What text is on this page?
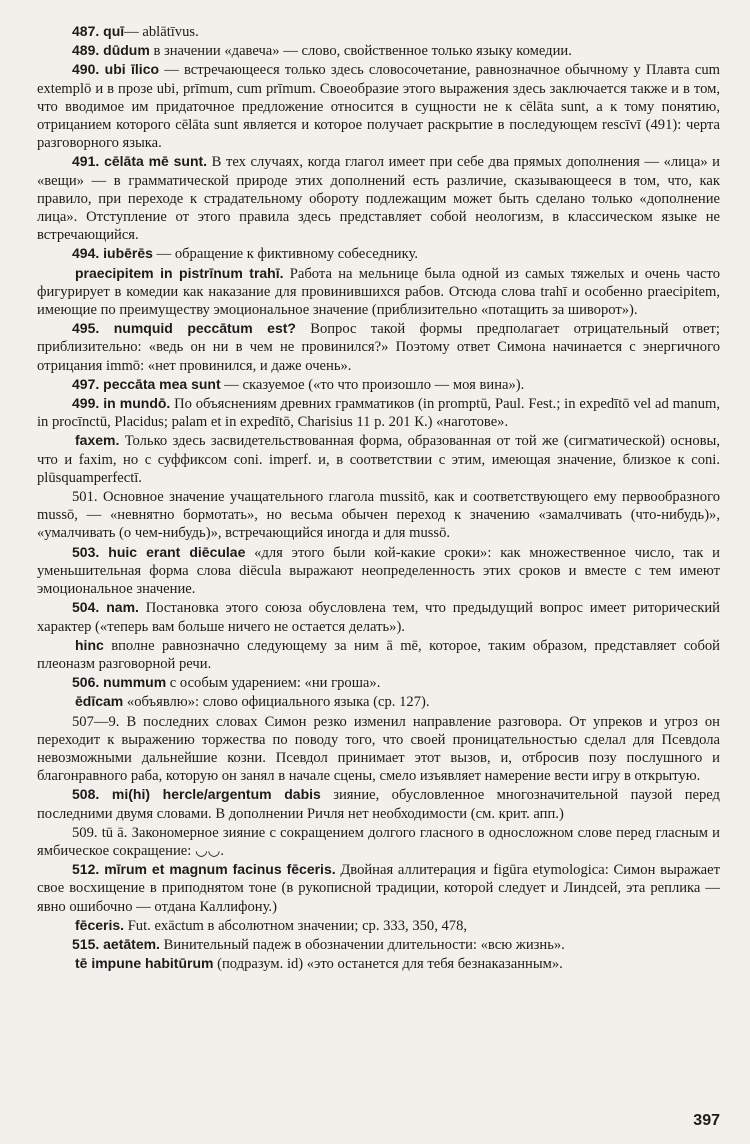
487. quī— ablātīvus.

489. dūdum в значении «давеча» — слово, свойственное только языку комедии.

490. ubi īlico — встречающееся только здесь словосочетание, равнозначное обычному у Плавта cum extemplō и в прозе ubi, prīmum, cum prīmum. Своеобразие этого выражения здесь заключается также и в том, что вводимое им придаточное предложение относится в сущности не к cēlāta sunt, а к тому понятию, отрицанием которого cēlāta sunt является и которое получает раскрытие в последующем rescīvī (491): черта разговорного языка.

491. cēlāta mē sunt. В тех случаях, когда глагол имеет при себе два прямых дополнения — «лица» и «вещи» — в грамматической природе этих дополнений есть различие, сказывающееся в том, что, как правило, при переходе к страдательному обороту подлежащим может быть сделано только «дополнение лица». Отступление от этого правила здесь представляет собой неологизм, в классическом языке не встречающийся.

494. iubērēs — обращение к фиктивному собеседнику.

praecipitem in pistrīnum trahī. Работа на мельнице была одной из самых тяжелых и очень часто фигурирует в комедии как наказание для провинившихся рабов. Отсюда слова trahī и особенно praecipitem, имеющие по преимуществу эмоциональное значение (приблизительно «потащить за шиворот»).

495. numquid peccātum est? Вопрос такой формы предполагает отрицательный ответ; приблизительно: «ведь он ни в чем не провинился?» Поэтому ответ Симона начинается с энергичного отрицания immō: «нет провинился, и даже очень».

497. peccāta mea sunt — сказуемое («то что произошло — моя вина»).

499. in mundō. По объяснениям древних грамматиков (in promptū, Paul. Fest.; in expedītō vel ad manum, in procīnctū, Placidus; palam et in expedītō, Charisius 11 p. 201 К.) «наготове».

faxem. Только здесь засвидетельствованная форма, образованная от той же (сигматической) основы, что и faxim, но с суффиксом coni. imperf. и, в соответствии с этим, имеющая значение, близкое к coni. plūsquamperfectī.

501. Основное значение учащательного глагола mussitō, как и соответствующего ему первообразного mussō, — «невнятно бормотать», но весьма обычен переход к значению «замалчивать (что-нибудь)», «умалчивать (о чем-нибудь)», встречающийся иногда и для mussō.

503. huic erant diēculae «для этого были кой-какие сроки»: как множественное число, так и уменьшительная форма слова diēcula выражают неопределенность этих сроков и вместе с тем имеют эмоциональное значение.

504. nam. Постановка этого союза обусловлена тем, что предыдущий вопрос имеет риторический характер («теперь вам больше ничего не остается делать»).

hinc вполне равнозначно следующему за ним ā mē, которое, таким образом, представляет собой плеоназм разговорной речи.

506. nummum с особым ударением: «ни гроша».

ēdīcam «объявлю»: слово официального языка (ср. 127).

507—9. В последних словах Симон резко изменил направление разговора. От упреков и угроз он переходит к выражению торжества по поводу того, что своей проницательностью сделал для Псевдола невозможными дальнейшие козни. Псевдол принимает этот вызов, и, отбросив позу послушного и благонравного раба, которую он занял в начале сцены, смело изъявляет намерение вести игру в открытую.

508. mi(hi) hercle/argentum dabis зияние, обусловленное многозначительной паузой перед последними двумя словами. В дополнении Ричля нет необходимости (см. крит. апп.)

509. tū ā. Закономерное зияние с сокращением долгого гласного в односложном слове перед гласным и ямбическое сокращение: ◡◡.

512. mīrum et magnum facinus fēceris. Двойная аллитерация и figūra etymologica: Симон выражает свое восхищение в приподнятом тоне (в рукописной традиции, которой следует и Линдсей, эта реплика — явно ошибочно — отдана Каллифону.)

fēceris. Fut. exāctum в абсолютном значении; ср. 333, 350, 478,

515. aetātem. Винительный падеж в обозначении длительности: «всю жизнь».

tē impune habitūrum (подразум. id) «это останется для тебя безнаказанным».

397
